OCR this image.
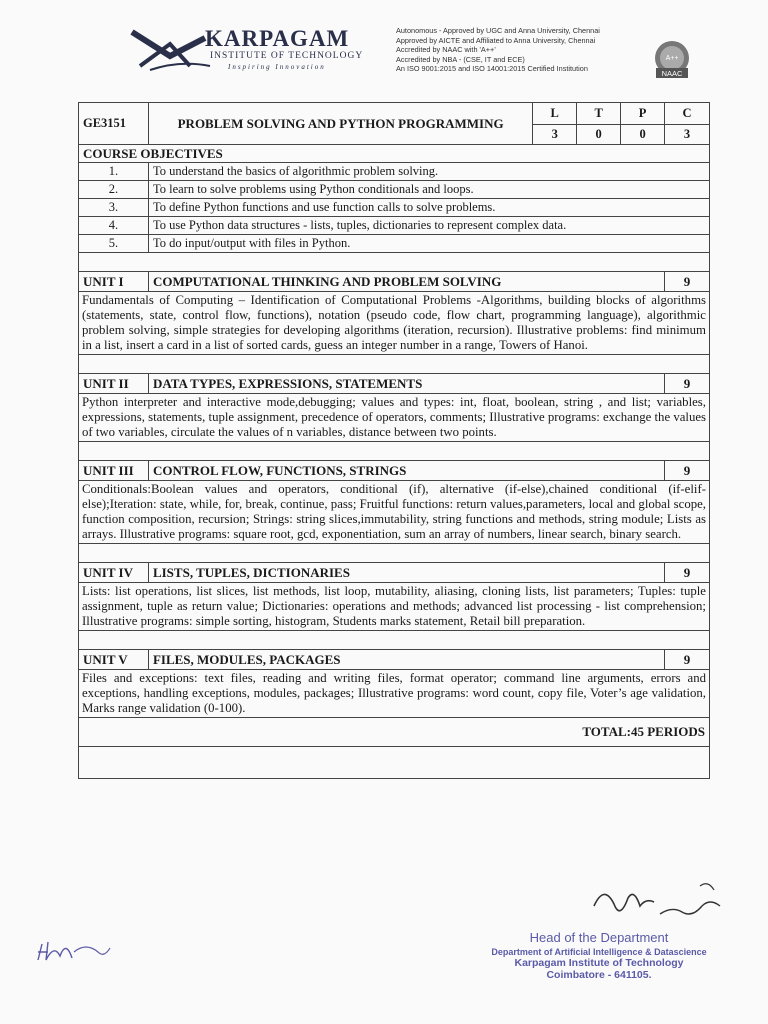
KARPAGAM
INSTITUTE OF TECHNOLOGY
Inspiring Innovation
Autonomous - Approved by UGC and Anna University, Chennai
Approved by AICTE and Affiliated to Anna University, Chennai
Accredited by NAAC with 'A++'
Accredited by NBA - (CSE, IT and ECE)
An ISO 9001:2015 and ISO 14001:2015 Certified Institution
A++
NAAC
GE3151	PROBLEM SOLVING AND PYTHON PROGRAMMING	L	T	P	C
		3	0	0	3
COURSE OBJECTIVES					
1.	To understand the basics of algorithmic problem solving.				
2.	To learn to solve problems using Python conditionals and loops.				
3.	To define Python functions and use function calls to solve problems.				
4.	To use Python data structures - lists, tuples, dictionaries to represent complex data.				
5.	To do input/output with files in Python.				

UNIT I	COMPUTATIONAL THINKING AND PROBLEM SOLVING				9
Fundamentals of Computing – Identification of Computational Problems -Algorithms, building blocks of algorithms (statements, state, control flow, functions), notation (pseudo code, flow chart, programming language), algorithmic problem solving, simple strategies for developing algorithms (iteration, recursion). Illustrative problems: find minimum in a list, insert a card in a list of sorted cards, guess an integer number in a range, Towers of Hanoi.					

UNIT II	DATA TYPES, EXPRESSIONS, STATEMENTS				9
Python interpreter and interactive mode,debugging; values and types: int, float, boolean, string , and list; variables, expressions, statements, tuple assignment, precedence of operators, comments; Illustrative programs: exchange the values of two variables, circulate the values of n variables, distance between two points.					

UNIT III	CONTROL FLOW, FUNCTIONS, STRINGS				9
Conditionals:Boolean values and operators, conditional (if), alternative (if-else),chained conditional (if-elif-else);Iteration: state, while, for, break, continue, pass; Fruitful functions: return values,parameters, local and global scope, function composition, recursion; Strings: string slices,immutability, string functions and methods, string module; Lists as arrays. Illustrative programs: square root, gcd, exponentiation, sum an array of numbers, linear search, binary search.					

UNIT IV	LISTS, TUPLES, DICTIONARIES				9
Lists: list operations, list slices, list methods, list loop, mutability, aliasing, cloning lists, list parameters; Tuples: tuple assignment, tuple as return value; Dictionaries: operations and methods; advanced list processing - list comprehension; Illustrative programs: simple sorting, histogram, Students marks statement, Retail bill preparation.					

UNIT V	FILES, MODULES, PACKAGES				9
Files and exceptions: text files, reading and writing files, format operator; command line arguments, errors and exceptions, handling exceptions, modules, packages; Illustrative programs: word count, copy file, Voter’s age validation, Marks range validation (0-100).					
TOTAL:45 PERIODS					

Head of the Department
Department of Artificial Intelligence & Datascience
Karpagam Institute of Technology
Coimbatore - 641105.
